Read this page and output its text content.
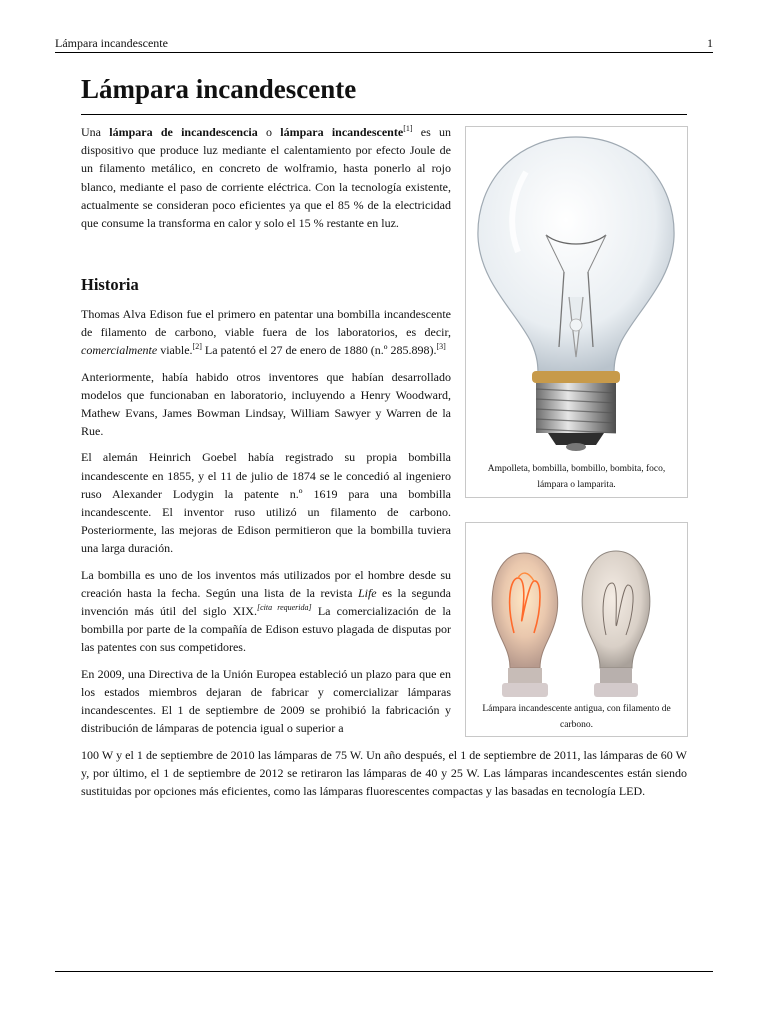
Lámpara incandescente	1
Lámpara incandescente

Una lámpara de incandescencia o lámpara incandescente[1] es un dispositivo que produce luz mediante el calentamiento por efecto Joule de un filamento metálico, en concreto de wolframio, hasta ponerlo al rojo blanco, mediante el paso de corriente eléctrica. Con la tecnología existente, actualmente se consideran poco eficientes ya que el 85 % de la electricidad que consume la transforma en calor y solo el 15 % restante en luz.

Historia

Thomas Alva Edison fue el primero en patentar una bombilla incandescente de filamento de carbono, viable fuera de los laboratorios, es decir, comercialmente viable.[2] La patentó el 27 de enero de 1880 (n.º 285.898).[3]

Anteriormente, había habido otros inventores que habían desarrollado modelos que funcionaban en laboratorio, incluyendo a Henry Woodward, Mathew Evans, James Bowman Lindsay, William Sawyer y Warren de la Rue.

El alemán Heinrich Goebel había registrado su propia bombilla incandescente en 1855, y el 11 de julio de 1874 se le concedió al ingeniero ruso Alexander Lodygin la patente n.º 1619 para una bombilla incandescente. El inventor ruso utilizó un filamento de carbono. Posteriormente, las mejoras de Edison permitieron que la bombilla tuviera una larga duración.

La bombilla es uno de los inventos más utilizados por el hombre desde su creación hasta la fecha. Según una lista de la revista Life es la segunda invención más útil del siglo XIX.[cita requerida] La comercialización de la bombilla por parte de la compañía de Edison estuvo plagada de disputas por las patentes con sus competidores.

En 2009, una Directiva de la Unión Europea estableció un plazo para que en los estados miembros dejaran de fabricar y comercializar lámparas incandescentes. El 1 de septiembre de 2009 se prohibió la fabricación y distribución de lámparas de potencia igual o superior a

100 W y el 1 de septiembre de 2010 las lámparas de 75 W. Un año después, el 1 de septiembre de 2011, las lámparas de 60 W y, por último, el 1 de septiembre de 2012 se retiraron las lámparas de 40 y 25 W. Las lámparas incandescentes están siendo sustituidas por opciones más eficientes, como las lámparas fluorescentes compactas y las basadas en tecnología LED.
Ampolleta, bombilla, bombillo, bombita, foco, lámpara o lamparita.
Lámpara incandescente antigua, con filamento de carbono.
